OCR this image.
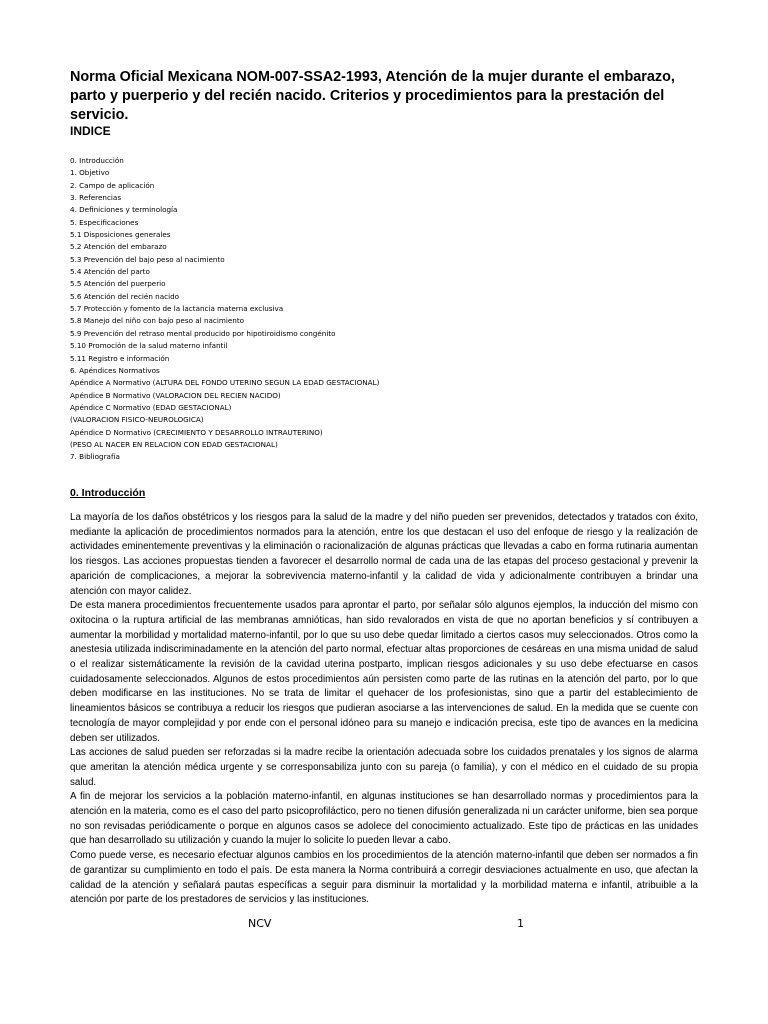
Norma Oficial Mexicana NOM-007-SSA2-1993, Atención de la mujer durante el embarazo, parto y puerperio y del recién nacido. Criterios y procedimientos para la prestación del servicio.
INDICE
0. Introducción
1. Objetivo
2. Campo de aplicación
3. Referencias
4. Definiciones y terminología
5. Especificaciones
5.1 Disposiciones generales
5.2 Atención del embarazo
5.3 Prevención del bajo peso al nacimiento
5.4 Atención del parto
5.5 Atención del puerperio
5.6 Atención del recién nacido
5.7 Protección y fomento de la lactancia materna exclusiva
5.8 Manejo del niño con bajo peso al nacimiento
5.9 Prevención del retraso mental producido por hipotiroidismo congénito
5.10 Promoción de la salud materno infantil
5.11 Registro e información
6. Apéndices Normativos
Apéndice A Normativo (ALTURA DEL FONDO UTERINO SEGUN LA EDAD GESTACIONAL)
Apéndice B Normativo (VALORACION DEL RECIEN NACIDO)
Apéndice C Normativo (EDAD GESTACIONAL)
(VALORACION FISICO-NEUROLOGICA)
Apéndice D Normativo (CRECIMIENTO Y DESARROLLO INTRAUTERINO)
(PESO AL NACER EN RELACION CON EDAD GESTACIONAL)
7. Bibliografía
0. Introducción

La mayoría de los daños obstétricos y los riesgos para la salud de la madre y del niño pueden ser prevenidos, detectados y tratados con éxito, mediante la aplicación de procedimientos normados para la atención, entre los que destacan el uso del enfoque de riesgo y la realización de actividades eminentemente preventivas y la eliminación o racionalización de algunas prácticas que llevadas a cabo en forma rutinaria aumentan los riesgos. Las acciones propuestas tienden a favorecer el desarrollo normal de cada una de las etapas del proceso gestacional y prevenir la aparición de complicaciones, a mejorar la sobrevivencia materno-infantil y la calidad de vida y adicionalmente contribuyen a brindar una atención con mayor calidez.

De esta manera procedimientos frecuentemente usados para aprontar el parto, por señalar sólo algunos ejemplos, la inducción del mismo con oxitocina o la ruptura artificial de las membranas amnióticas, han sido revalorados en vista de que no aportan beneficios y sí contribuyen a aumentar la morbilidad y mortalidad materno-infantil, por lo que su uso debe quedar limitado a ciertos casos muy seleccionados. Otros como la anestesia utilizada indiscriminadamente en la atención del parto normal, efectuar altas proporciones de cesáreas en una misma unidad de salud o el realizar sistemáticamente la revisión de la cavidad uterina postparto, implican riesgos adicionales y su uso debe efectuarse en casos cuidadosamente seleccionados. Algunos de estos procedimientos aún persisten como parte de las rutinas en la atención del parto, por lo que deben modificarse en las instituciones. No se trata de limitar el quehacer de los profesionistas, sino que a partir del establecimiento de lineamientos básicos se contribuya a reducir los riesgos que pudieran asociarse a las intervenciones de salud. En la medida que se cuente con tecnología de mayor complejidad y por ende con el personal idóneo para su manejo e indicación precisa, este tipo de avances en la medicina deben ser utilizados.

Las acciones de salud pueden ser reforzadas si la madre recibe la orientación adecuada sobre los cuidados prenatales y los signos de alarma que ameritan la atención médica urgente y se corresponsabiliza junto con su pareja (o familia), y con el médico en el cuidado de su propia salud.

A fin de mejorar los servicios a la población materno-infantil, en algunas instituciones se han desarrollado normas y procedimientos para la atención en la materia, como es el caso del parto psicoprofiláctico, pero no tienen difusión generalizada ni un carácter uniforme, bien sea porque no son revisadas periódicamente o porque en algunos casos se adolece del conocimiento actualizado. Este tipo de prácticas en las unidades que han desarrollado su utilización y cuando la mujer lo solicite lo pueden llevar a cabo.

Como puede verse, es necesario efectuar algunos cambios en los procedimientos de la atención materno-infantil que deben ser normados a fin de garantizar su cumplimiento en todo el país. De esta manera la Norma contribuirá a corregir desviaciones actualmente en uso, que afectan la calidad de la atención y señalará pautas específicas a seguir para disminuir la mortalidad y la morbilidad materna e infantil, atribuible a la atención por parte de los prestadores de servicios y las instituciones.

NCV	1
